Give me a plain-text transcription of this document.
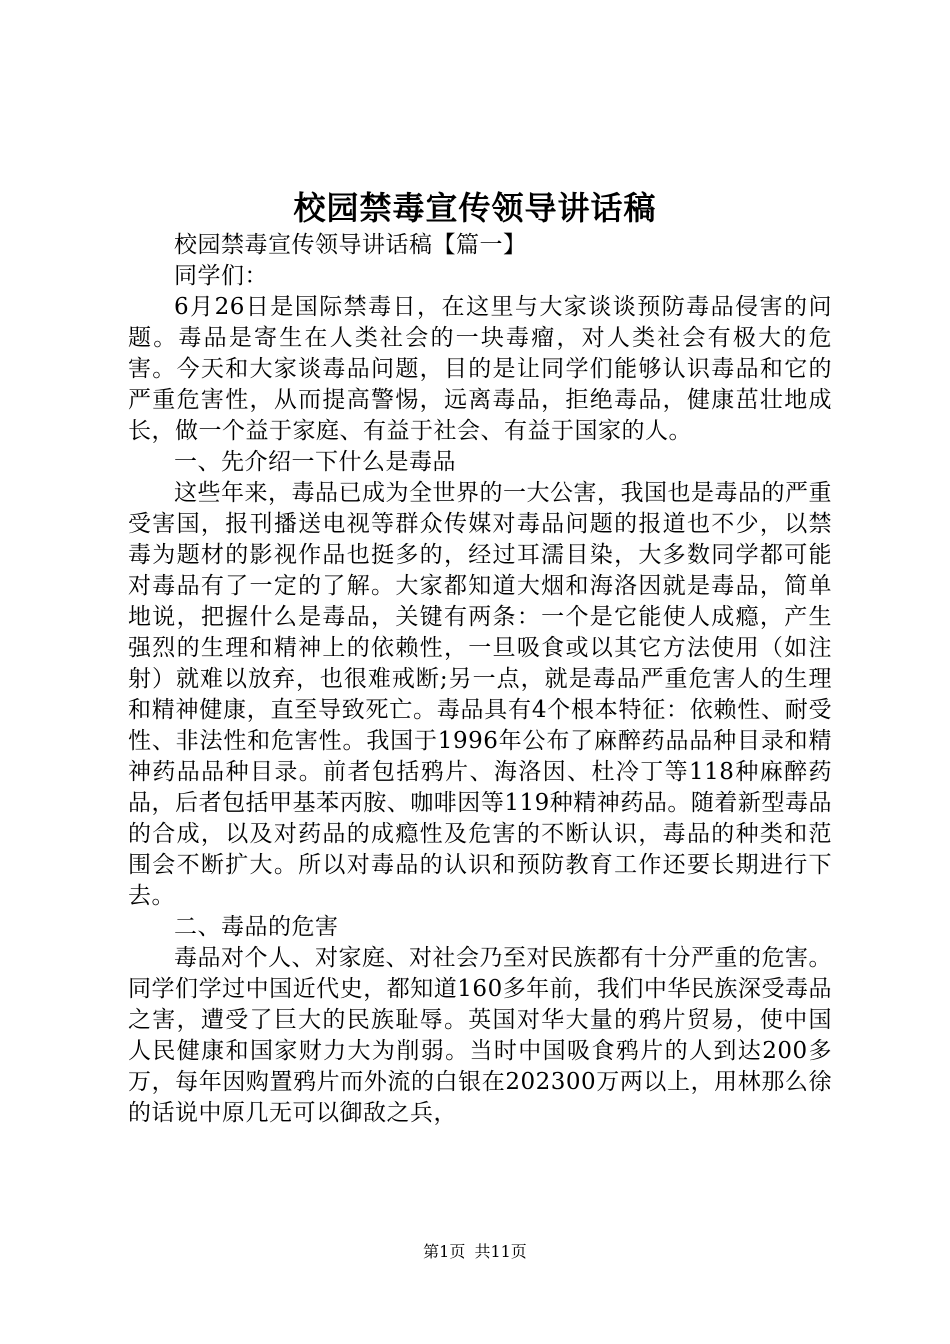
校园禁毒宣传领导讲话稿

校园禁毒宣传领导讲话稿【篇一】

同学们：

6月26日是国际禁毒日，在这里与大家谈谈预防毒品侵害的问题。毒品是寄生在人类社会的一块毒瘤，对人类社会有极大的危害。今天和大家谈毒品问题，目的是让同学们能够认识毒品和它的严重危害性，从而提高警惕，远离毒品，拒绝毒品，健康茁壮地成长，做一个益于家庭、有益于社会、有益于国家的人。

一、先介绍一下什么是毒品

这些年来，毒品已成为全世界的一大公害，我国也是毒品的严重受害国，报刊播送电视等群众传媒对毒品问题的报道也不少，以禁毒为题材的影视作品也挺多的，经过耳濡目染，大多数同学都可能对毒品有了一定的了解。大家都知道大烟和海洛因就是毒品，简单地说，把握什么是毒品，关键有两条：一个是它能使人成瘾，产生强烈的生理和精神上的依赖性，一旦吸食或以其它方法使用（如注射）就难以放弃，也很难戒断;另一点，就是毒品严重危害人的生理和精神健康，直至导致死亡。毒品具有4个根本特征：依赖性、耐受性、非法性和危害性。我国于1996年公布了麻醉药品品种目录和精神药品品种目录。前者包括鸦片、海洛因、杜冷丁等118种麻醉药品，后者包括甲基苯丙胺、咖啡因等119种精神药品。随着新型毒品的合成，以及对药品的成瘾性及危害的不断认识，毒品的种类和范围会不断扩大。所以对毒品的认识和预防教育工作还要长期进行下去。

二、毒品的危害

毒品对个人、对家庭、对社会乃至对民族都有十分严重的危害。同学们学过中国近代史，都知道160多年前，我们中华民族深受毒品之害，遭受了巨大的民族耻辱。英国对华大量的鸦片贸易，使中国人民健康和国家财力大为削弱。当时中国吸食鸦片的人到达200多万，每年因购置鸦片而外流的白银在202300万两以上，用林那么徐的话说中原几无可以御敌之兵，

第1页 共11页
